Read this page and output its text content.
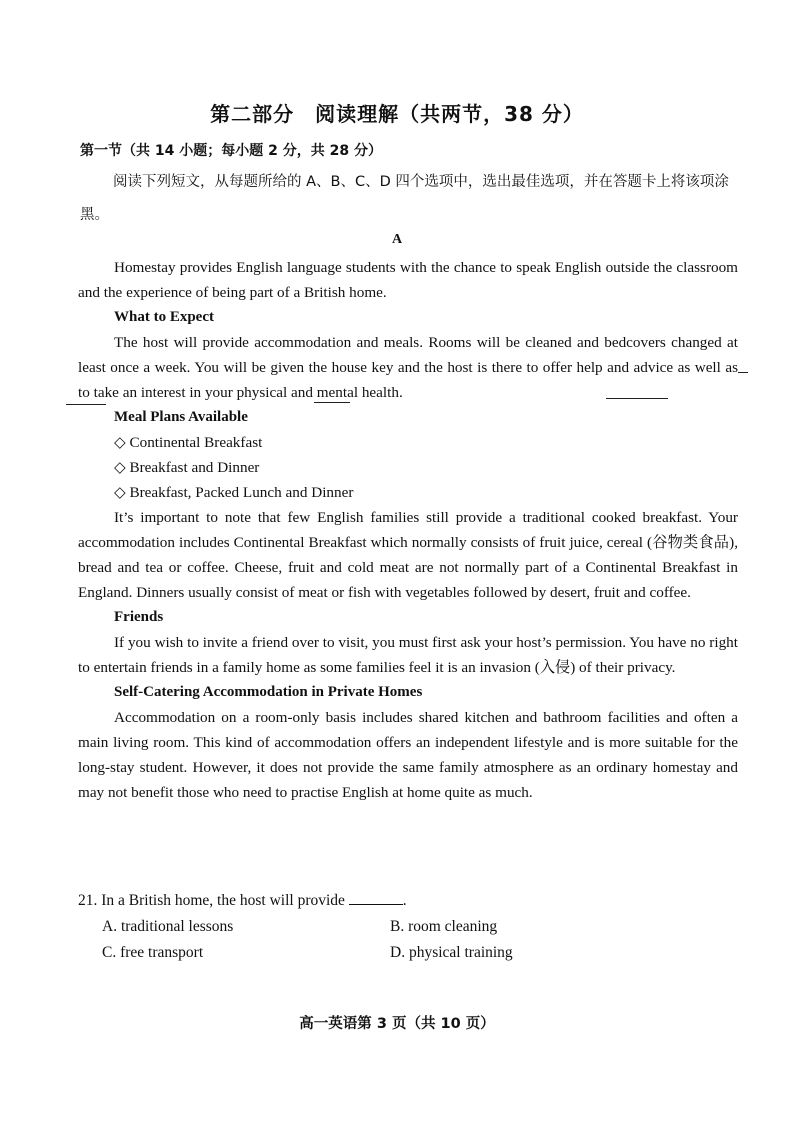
第二部分　阅读理解（共两节，38 分）
第一节（共 14 小题；每小题 2 分，共 28 分）
阅读下列短文，从每题所给的 A、B、C、D 四个选项中，选出最佳选项，并在答题卡上将该项涂黑。
A

Homestay provides English language students with the chance to speak English outside the classroom and the experience of being part of a British home.

What to Expect

The host will provide accommodation and meals. Rooms will be cleaned and bedcovers changed at least once a week. You will be given the house key and the host is there to offer help and advice as well as to take an interest in your physical and mental health.

Meal Plans Available
◇ Continental Breakfast
◇ Breakfast and Dinner
◇ Breakfast, Packed Lunch and Dinner

It’s important to note that few English families still provide a traditional cooked breakfast. Your accommodation includes Continental Breakfast which normally consists of fruit juice, cereal (谷物类食品), bread and tea or coffee. Cheese, fruit and cold meat are not normally part of a Continental Breakfast in England. Dinners usually consist of meat or fish with vegetables followed by desert, fruit and coffee.

Friends

If you wish to invite a friend over to visit, you must first ask your host’s permission. You have no right to entertain friends in a family home as some families feel it is an invasion (入侵) of their privacy.

Self-Catering Accommodation in Private Homes

Accommodation on a room-only basis includes shared kitchen and bathroom facilities and often a main living room. This kind of accommodation offers an independent lifestyle and is more suitable for the long-stay student. However, it does not provide the same family atmosphere as an ordinary homestay and may not benefit those who need to practise English at home quite as much.

21. In a British home, the host will provide	.
A. traditional lessons	B. room cleaning
C. free transport	D. physical training
高一英语第 3 页（共 10 页）
